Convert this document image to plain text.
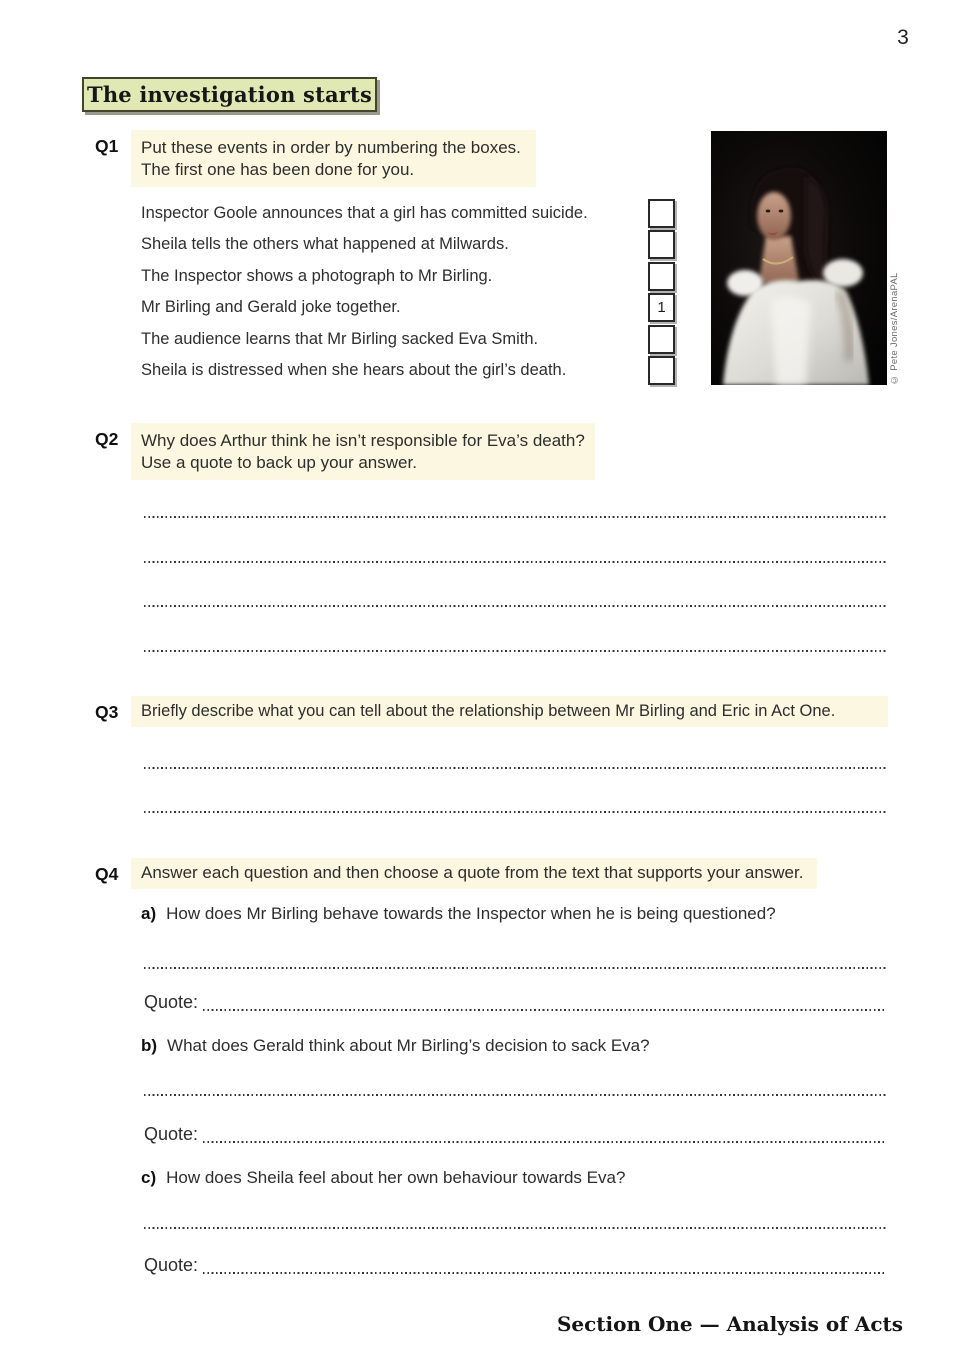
3
The investigation starts
Q1 Put these events in order by numbering the boxes.
The first one has been done for you.
Inspector Goole announces that a girl has committed suicide.
Sheila tells the others what happened at Milwards.
The Inspector shows a photograph to Mr Birling.
Mr Birling and Gerald joke together.	1
The audience learns that Mr Birling sacked Eva Smith.
Sheila is distressed when she hears about the girl’s death.	© Pete Jones/ArenaPAL
Q2 Why does Arthur think he isn’t responsible for Eva’s death?
Use a quote to back up your answer.
Q3 Briefly describe what you can tell about the relationship between Mr Birling and Eric in Act One.
Q4 Answer each question and then choose a quote from the text that supports your answer.
a) How does Mr Birling behave towards the Inspector when he is being questioned?
Quote:
b) What does Gerald think about Mr Birling’s decision to sack Eva?
Quote:
c) How does Sheila feel about her own behaviour towards Eva?
Quote:
Section One — Analysis of Acts
